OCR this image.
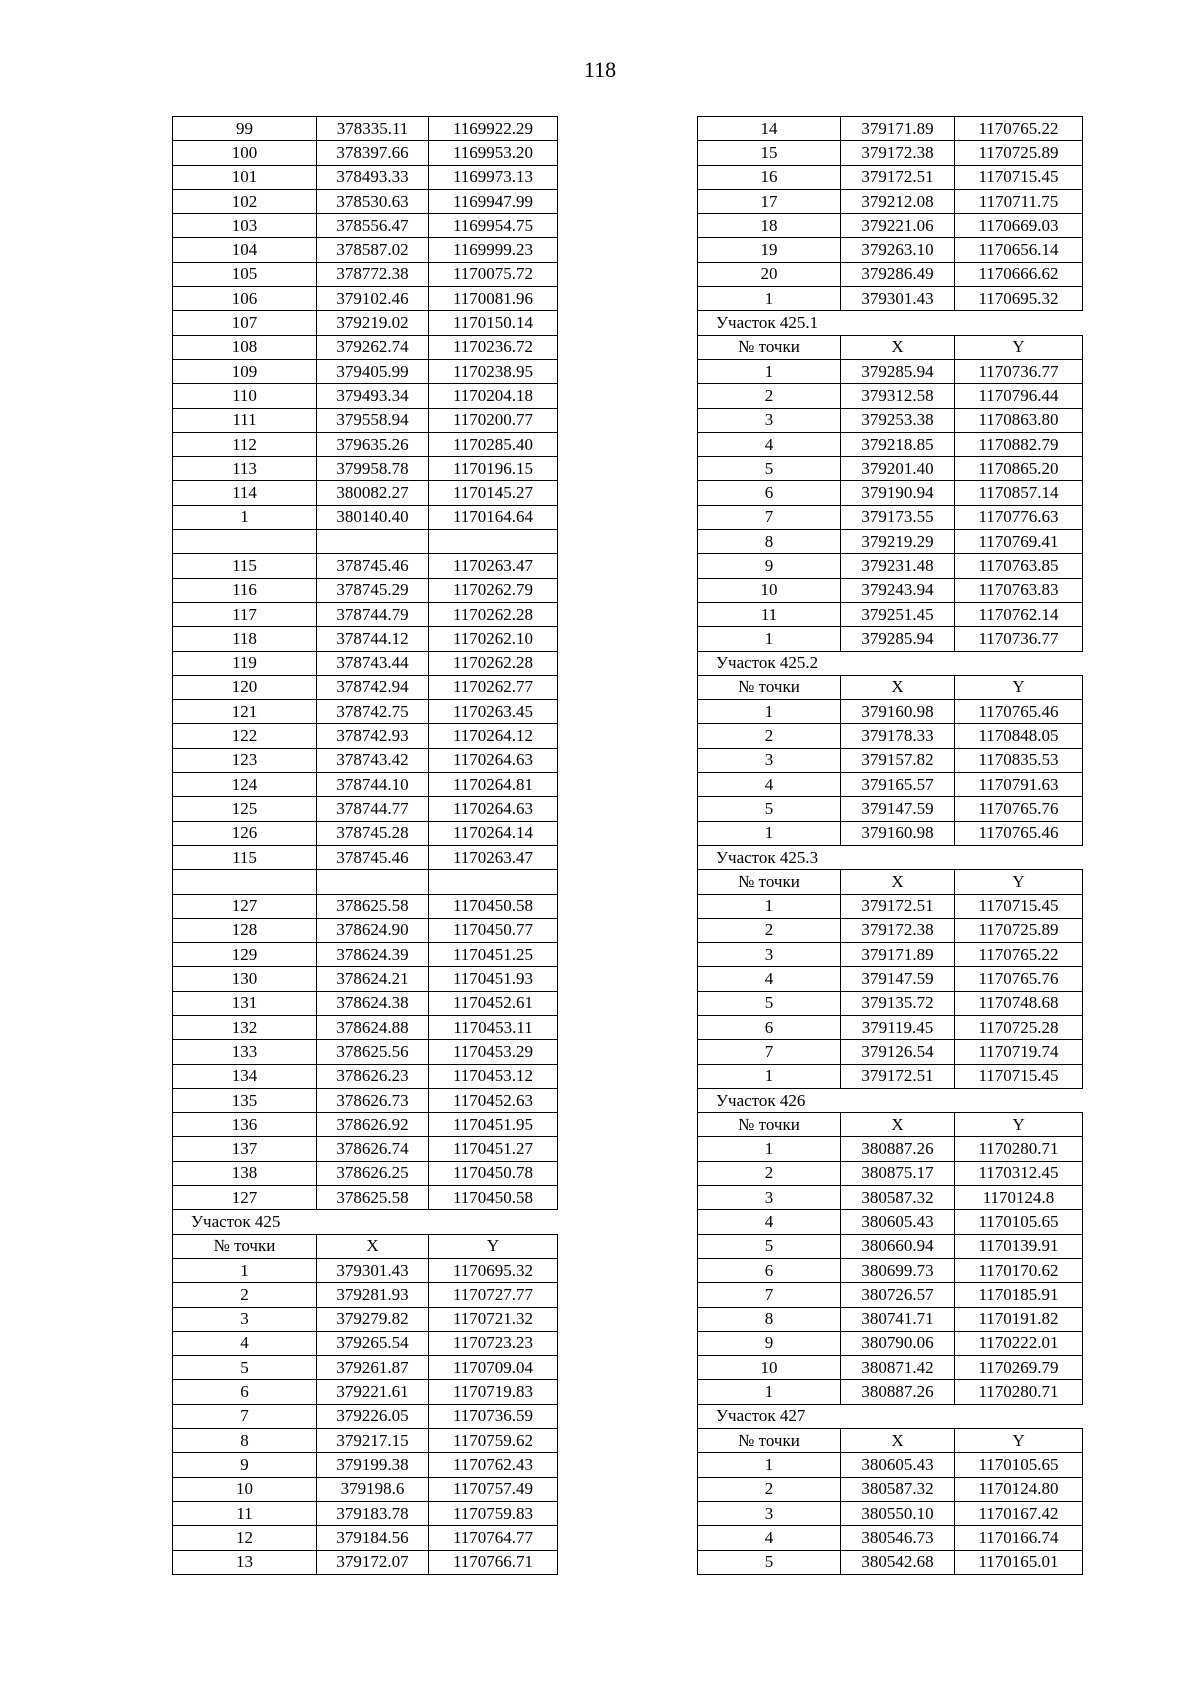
118
99	378335.11	1169922.29
100	378397.66	1169953.20
101	378493.33	1169973.13
102	378530.63	1169947.99
103	378556.47	1169954.75
104	378587.02	1169999.23
105	378772.38	1170075.72
106	379102.46	1170081.96
107	379219.02	1170150.14
108	379262.74	1170236.72
109	379405.99	1170238.95
110	379493.34	1170204.18
111	379558.94	1170200.77
112	379635.26	1170285.40
113	379958.78	1170196.15
114	380082.27	1170145.27
1	380140.40	1170164.64

115	378745.46	1170263.47
116	378745.29	1170262.79
117	378744.79	1170262.28
118	378744.12	1170262.10
119	378743.44	1170262.28
120	378742.94	1170262.77
121	378742.75	1170263.45
122	378742.93	1170264.12
123	378743.42	1170264.63
124	378744.10	1170264.81
125	378744.77	1170264.63
126	378745.28	1170264.14
115	378745.46	1170263.47

127	378625.58	1170450.58
128	378624.90	1170450.77
129	378624.39	1170451.25
130	378624.21	1170451.93
131	378624.38	1170452.61
132	378624.88	1170453.11
133	378625.56	1170453.29
134	378626.23	1170453.12
135	378626.73	1170452.63
136	378626.92	1170451.95
137	378626.74	1170451.27
138	378626.25	1170450.78
127	378625.58	1170450.58
Участок 425		
№ точки	X	Y
1	379301.43	1170695.32
2	379281.93	1170727.77
3	379279.82	1170721.32
4	379265.54	1170723.23
5	379261.87	1170709.04
6	379221.61	1170719.83
7	379226.05	1170736.59
8	379217.15	1170759.62
9	379199.38	1170762.43
10	379198.6	1170757.49
11	379183.78	1170759.83
12	379184.56	1170764.77
13	379172.07	1170766.71
14	379171.89	1170765.22
15	379172.38	1170725.89
16	379172.51	1170715.45
17	379212.08	1170711.75
18	379221.06	1170669.03
19	379263.10	1170656.14
20	379286.49	1170666.62
1	379301.43	1170695.32
Участок 425.1		
№ точки	X	Y
1	379285.94	1170736.77
2	379312.58	1170796.44
3	379253.38	1170863.80
4	379218.85	1170882.79
5	379201.40	1170865.20
6	379190.94	1170857.14
7	379173.55	1170776.63
8	379219.29	1170769.41
9	379231.48	1170763.85
10	379243.94	1170763.83
11	379251.45	1170762.14
1	379285.94	1170736.77
Участок 425.2		
№ точки	X	Y
1	379160.98	1170765.46
2	379178.33	1170848.05
3	379157.82	1170835.53
4	379165.57	1170791.63
5	379147.59	1170765.76
1	379160.98	1170765.46
Участок 425.3		
№ точки	X	Y
1	379172.51	1170715.45
2	379172.38	1170725.89
3	379171.89	1170765.22
4	379147.59	1170765.76
5	379135.72	1170748.68
6	379119.45	1170725.28
7	379126.54	1170719.74
1	379172.51	1170715.45
Участок 426		
№ точки	X	Y
1	380887.26	1170280.71
2	380875.17	1170312.45
3	380587.32	1170124.8
4	380605.43	1170105.65
5	380660.94	1170139.91
6	380699.73	1170170.62
7	380726.57	1170185.91
8	380741.71	1170191.82
9	380790.06	1170222.01
10	380871.42	1170269.79
1	380887.26	1170280.71
Участок 427		
№ точки	X	Y
1	380605.43	1170105.65
2	380587.32	1170124.80
3	380550.10	1170167.42
4	380546.73	1170166.74
5	380542.68	1170165.01
